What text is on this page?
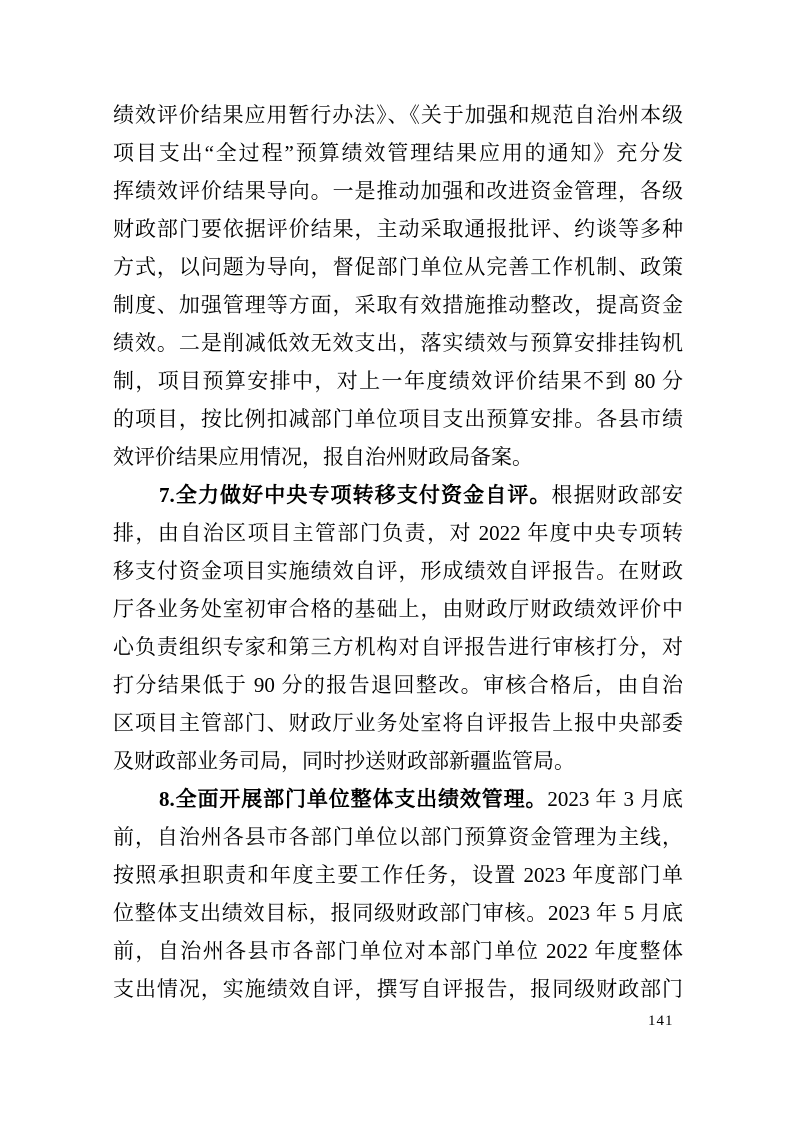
绩效评价结果应用暂行办法》、《关于加强和规范自治州本级
项目支出“全过程”预算绩效管理结果应用的通知》充分发
挥绩效评价结果导向。一是推动加强和改进资金管理，各级
财政部门要依据评价结果，主动采取通报批评、约谈等多种
方式，以问题为导向，督促部门单位从完善工作机制、政策
制度、加强管理等方面，采取有效措施推动整改，提高资金
绩效。二是削减低效无效支出，落实绩效与预算安排挂钩机
制，项目预算安排中，对上一年度绩效评价结果不到 80 分
的项目，按比例扣减部门单位项目支出预算安排。各县市绩
效评价结果应用情况，报自治州财政局备案。
7.全力做好中央专项转移支付资金自评。根据财政部安
排，由自治区项目主管部门负责，对 2022 年度中央专项转
移支付资金项目实施绩效自评，形成绩效自评报告。在财政
厅各业务处室初审合格的基础上，由财政厅财政绩效评价中
心负责组织专家和第三方机构对自评报告进行审核打分，对
打分结果低于 90 分的报告退回整改。审核合格后，由自治
区项目主管部门、财政厅业务处室将自评报告上报中央部委
及财政部业务司局，同时抄送财政部新疆监管局。
8.全面开展部门单位整体支出绩效管理。2023 年 3 月底
前，自治州各县市各部门单位以部门预算资金管理为主线，
按照承担职责和年度主要工作任务，设置 2023 年度部门单
位整体支出绩效目标，报同级财政部门审核。2023 年 5 月底
前，自治州各县市各部门单位对本部门单位 2022 年度整体
支出情况，实施绩效自评，撰写自评报告，报同级财政部门
141
